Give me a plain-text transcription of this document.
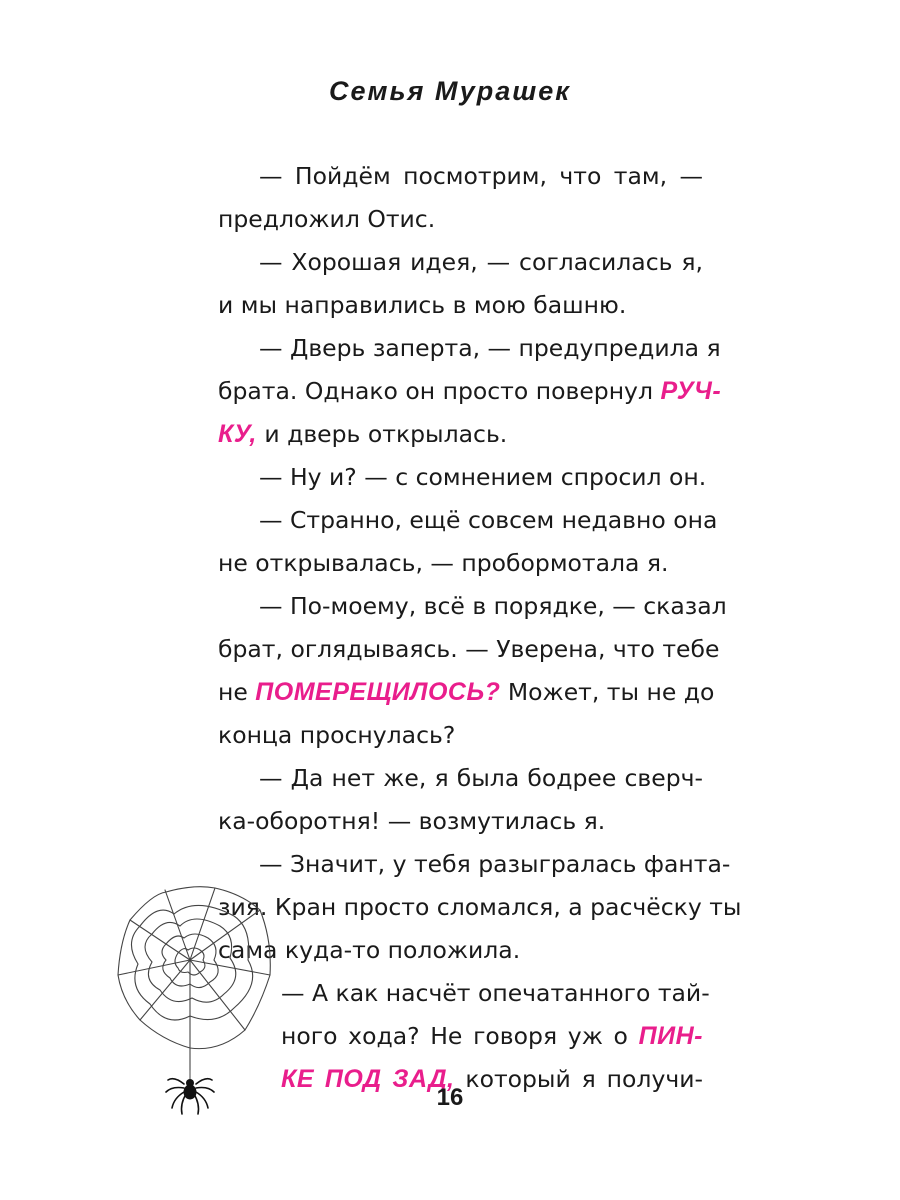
Семья Мурашек
— Пойдём посмотрим, что там, —
предложил Отис.
— Хорошая идея, — согласилась я,
и мы направились в мою башню.
— Дверь заперта, — предупредила я
брата. Однако он просто повернул РУЧ-
КУ, и дверь открылась.
— Ну и? — с сомнением спросил он.
— Странно, ещё совсем недавно она
не открывалась, — пробормотала я.
— По-моему, всё в порядке, — сказал
брат, оглядываясь. — Уверена, что тебе
не ПОМЕРЕЩИЛОСЬ? Может, ты не до
конца проснулась?
— Да нет же, я была бодрее сверч-
ка-оборотня! — возмутилась я.
— Значит, у тебя разыгралась фанта-
зия. Кран просто сломался, а расчёску ты
сама куда-то положила.
— А как насчёт опечатанного тай-
ного хода? Не говоря уж о ПИН-
КЕ ПОД ЗАД, который я получи-
16
